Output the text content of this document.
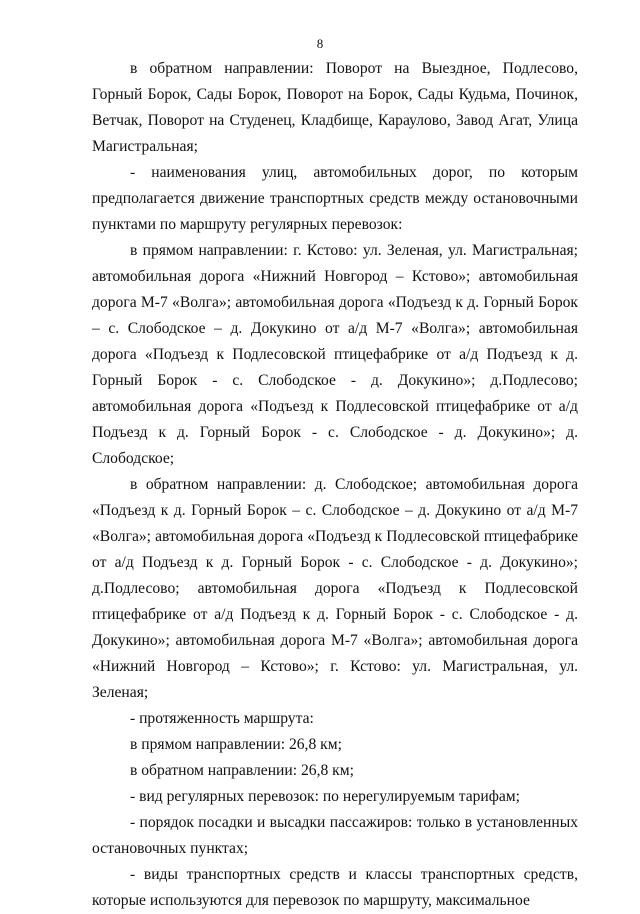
8

в обратном направлении: Поворот на Выездное, Подлесово, Горный Борок, Сады Борок, Поворот на Борок, Сады Кудьма, Починок, Ветчак, Поворот на Студенец, Кладбище, Караулово, Завод Агат, Улица Магистральная;

- наименования улиц, автомобильных дорог, по которым предполагается движение транспортных средств между остановочными пунктами по маршруту регулярных перевозок:

в прямом направлении: г. Кстово: ул. Зеленая, ул. Магистральная; автомобильная дорога «Нижний Новгород – Кстово»; автомобильная дорога М-7 «Волга»; автомобильная дорога «Подъезд к д. Горный Борок – с. Слободское – д. Докукино от а/д М-7 «Волга»; автомобильная дорога «Подъезд к Подлесовской птицефабрике от а/д Подъезд к д. Горный Борок - с. Слободское - д. Докукино»; д.Подлесово; автомобильная дорога «Подъезд к Подлесовской птицефабрике от а/д Подъезд к д. Горный Борок - с. Слободское - д. Докукино»; д. Слободское;

в обратном направлении: д. Слободское; автомобильная дорога «Подъезд к д. Горный Борок – с. Слободское – д. Докукино от а/д М-7 «Волга»; автомобильная дорога «Подъезд к Подлесовской птицефабрике от а/д Подъезд к д. Горный Борок - с. Слободское - д. Докукино»; д.Подлесово; автомобильная дорога «Подъезд к Подлесовской птицефабрике от а/д Подъезд к д. Горный Борок - с. Слободское - д. Докукино»; автомобильная дорога М-7 «Волга»; автомобильная дорога «Нижний Новгород – Кстово»; г. Кстово: ул. Магистральная, ул. Зеленая;

- протяженность маршрута:

в прямом направлении: 26,8 км;

в обратном направлении: 26,8 км;

- вид регулярных перевозок: по нерегулируемым тарифам;

- порядок посадки и высадки пассажиров: только в установленных остановочных пунктах;

- виды транспортных средств и классы транспортных средств, которые используются для перевозок по маршруту, максимальное
